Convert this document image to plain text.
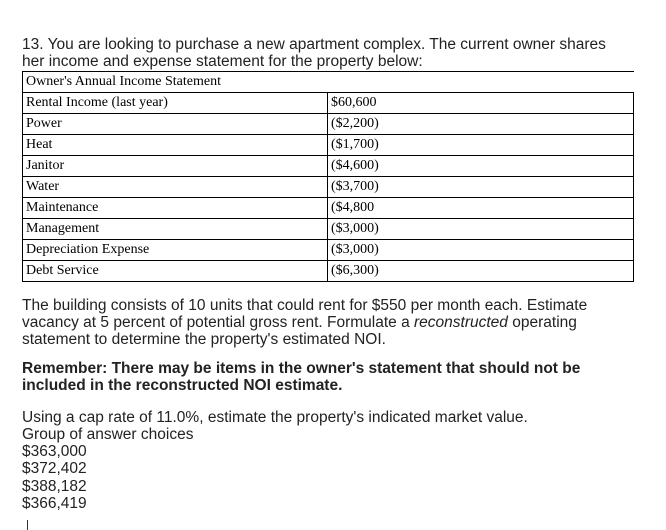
13. You are looking to purchase a new apartment complex. The current owner shares
her income and expense statement for the property below:

Owner's Annual Income Statement	
Rental Income (last year)	$60,600
Power	($2,200)
Heat	($1,700)
Janitor	($4,600)
Water	($3,700)
Maintenance	($4,800
Management	($3,000)
Depreciation Expense	($3,000)
Debt Service	($6,300)

The building consists of 10 units that could rent for $550 per month each. Estimate vacancy at 5 percent of potential gross rent. Formulate a reconstructed operating statement to determine the property's estimated NOI.

Remember: There may be items in the owner's statement that should not be included in the reconstructed NOI estimate.

Using a cap rate of 11.0%, estimate the property's indicated market value.

Group of answer choices
$363,000
$372,402
$388,182
$366,419
